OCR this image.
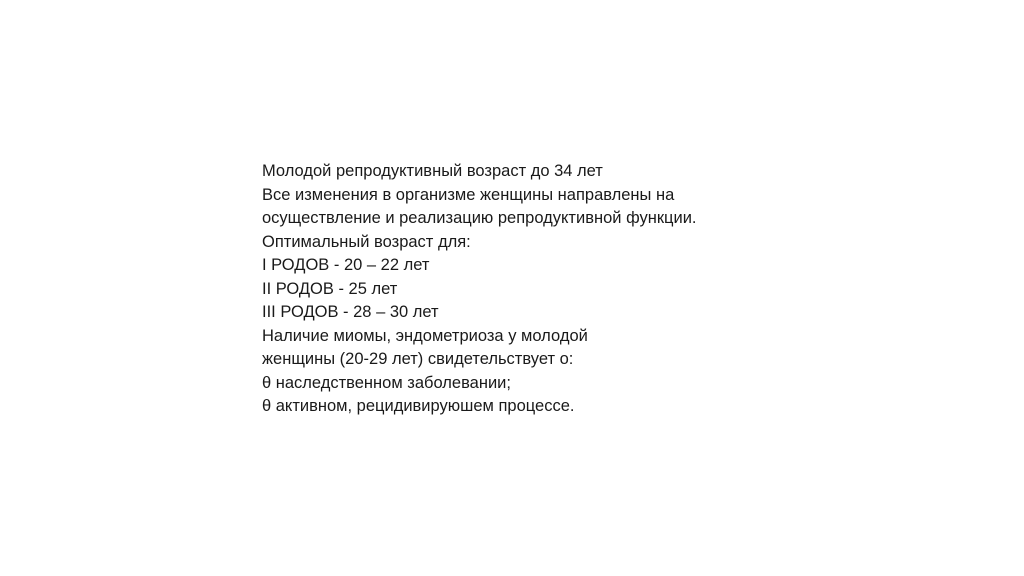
Молодой репродуктивный возраст до 34 лет
Все изменения в организме женщины направлены на
осуществление и реализацию репродуктивной функции.
Оптимальный возраст для:
I РОДОВ - 20 – 22 лет
II РОДОВ - 25 лет
III РОДОВ - 28 – 30 лет
Наличие миомы, эндометриоза у молодой
женщины (20-29 лет) свидетельствует о:
θ наследственном заболевании;
θ активном, рецидивируюшем процессе.
